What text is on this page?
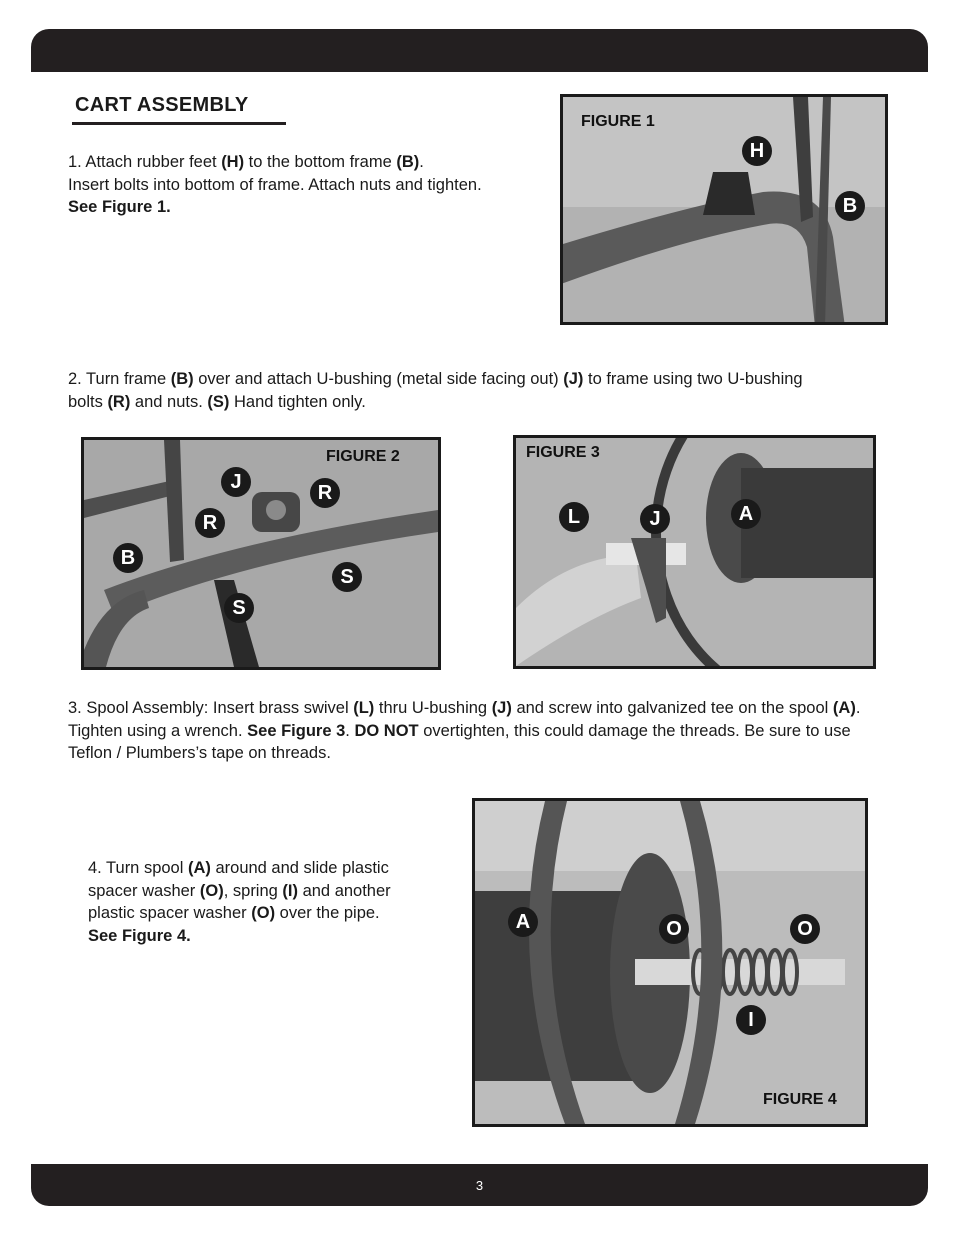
CART ASSEMBLY
1. Attach rubber feet (H) to the bottom frame (B).
Insert bolts into bottom of frame. Attach nuts and tighten.
See Figure 1.
FIGURE 1
H
B
2. Turn frame (B) over and attach U-bushing (metal side facing out) (J) to frame using two U-bushing bolts (R) and nuts. (S) Hand tighten only.
FIGURE 2
J	R
R
B
S
S
FIGURE 3
L	J	A
3. Spool Assembly: Insert brass swivel (L) thru U-bushing (J) and screw into galvanized tee on the spool (A). Tighten using a wrench. See Figure 3. DO NOT overtighten, this could damage the threads. Be sure to use Teflon / Plumbers’s tape on threads.
4. Turn spool (A) around and slide plastic spacer washer (O), spring (I) and another plastic spacer washer (O) over the pipe.
See Figure 4.
A	O	O
I
FIGURE 4
3
